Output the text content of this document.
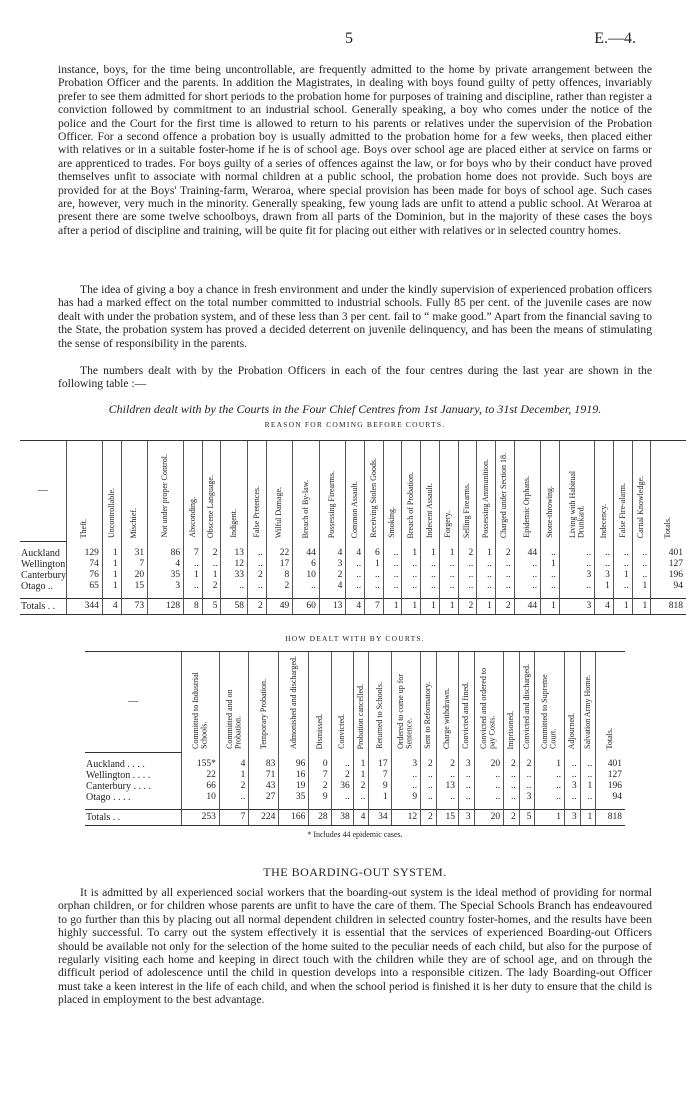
5	E.—4.

instance, boys, for the time being uncontrollable, are frequently admitted to the home by private arrangement between the Probation Officer and the parents. In addition the Magistrates, in dealing with boys found guilty of petty offences, invariably prefer to see them admitted for short periods to the probation home for purposes of training and discipline, rather than register a conviction followed by commitment to an industrial school. Generally speaking, a boy who comes under the notice of the police and the Court for the first time is allowed to return to his parents or relatives under the supervision of the Probation Officer. For a second offence a probation boy is usually admitted to the probation home for a few weeks, then placed either with relatives or in a suitable foster-home if he is of school age. Boys over school age are placed either at service on farms or are apprenticed to trades. For boys guilty of a series of offences against the law, or for boys who by their conduct have proved themselves unfit to associate with normal children at a public school, the probation home does not provide. Such boys are provided for at the Boys' Training-farm, Weraroa, where special provision has been made for boys of school age. Such cases are, however, very much in the minority. Generally speaking, few young lads are unfit to attend a public school. At Weraroa at present there are some twelve schoolboys, drawn from all parts of the Dominion, but in the majority of these cases the boys after a period of discipline and training, will be quite fit for placing out either with relatives or in selected country homes.

The idea of giving a boy a chance in fresh environment and under the kindly supervision of experienced probation officers has had a marked effect on the total number committed to industrial schools. Fully 85 per cent. of the juvenile cases are now dealt with under the probation system, and of these less than 3 per cent. fail to “ make good.” Apart from the financial saving to the State, the probation system has proved a decided deterrent on juvenile delinquency, and has been the means of stimulating the sense of responsibility in the parents.

The numbers dealt with by the Probation Officers in each of the four centres during the last year are shown in the following table :—

Children dealt with by the Courts in the Four Chief Centres from 1st January, to 31st December, 1919.

REASON FOR COMING BEFORE COURTS.

—	Theft.	Uncontrollable.	Mischief.	Not under proper Control.	Absconding.	Obscene Language.	Indigent.	False Pretences.	Wilful Damage.	Breach of By-law.	Possessing Firearms.	Common Assault.	Receiving Stolen Goods.	Smoking.	Breach of Probation.	Indecent Assault.	Forgery.	Selling Firearms.	Possessing Ammunition.	Charged under Section 18.	Epidemic Orphans.	Stone-throwing.	Living with Habitual Drunkard.	Indecency.	False Fire-alarm.	Carnal Knowledge.	Totals.

Auckland	129	1	31	86	7	2	13	..	22	44	4	4	6	..	1	1	1	2	1	2	44	..	..	..	..	..	401
Wellington	74	1	7	4	..	..	12	..	17	6	3	..	1	..	..	..	..	..	..	..	..	1	..	..	..	..	127
Canterbury	76	1	20	35	1	1	33	2	8	10	2	..	..	..	..	..	..	..	..	..	..	..	3	3	1	..	196
Otago ..	65	1	15	3	..	2	..	..	2	..	4	..	..	..	..	..	..	..	..	..	..	..	..	1	..	1	94

Totals . .	344	4	73	128	8	5	58	2	49	60	13	4	7	1	1	1	1	2	1	2	44	1	3	4	1	1	818

HOW DEALT WITH BY COURTS.

—	Committed to Industrial Schools.	Committed and on Probation.	Temporary Probation.	Admonished and discharged.	Dismissed.	Convicted.	Probation cancelled.	Returned to Schools.	Ordered to come up for Sentence.	Sent to Reformatory.	Charge withdrawn.	Convicted and fined.	Convicted and ordered to pay Costs.	Imprisoned.	Convicted and discharged.	Committed to Supreme Court.	Adjourned.	Salvation Army Home.	Totals.

Auckland . . . .	155*	4	83	96	0	..	1	17	3	2	2	3	20	2	2	1	..	..	401
Wellington . . . .	22	1	71	16	7	2	1	7	..	..	..	..	..	..	..	..	..	..	127
Canterbury . . . .	66	2	43	19	2	36	2	9	..	..	13	..	..	..	..	..	3	1	196
Otago . . . .	10	..	27	35	9	..	..	1	9	..	..	..	..	..	3	..	..	..	94

Totals . .	253	7	224	166	28	38	4	34	12	2	15	3	20	2	5	1	3	1	818

* Includes 44 epidemic cases.

THE BOARDING-OUT SYSTEM.

It is admitted by all experienced social workers that the boarding-out system is the ideal method of providing for normal orphan children, or for children whose parents are unfit to have the care of them. The Special Schools Branch has endeavoured to go further than this by placing out all normal dependent children in selected country foster-homes, and the results have been highly successful. To carry out the system effectively it is essential that the services of experienced Boarding-out Officers should be available not only for the selection of the home suited to the peculiar needs of each child, but also for the purpose of regularly visiting each home and keeping in direct touch with the children while they are of school age, and on through the difficult period of adolescence until the child in question develops into a responsible citizen. The lady Boarding-out Officer must take a keen interest in the life of each child, and when the school period is finished it is her duty to ensure that the child is placed in employment to the best advantage.
